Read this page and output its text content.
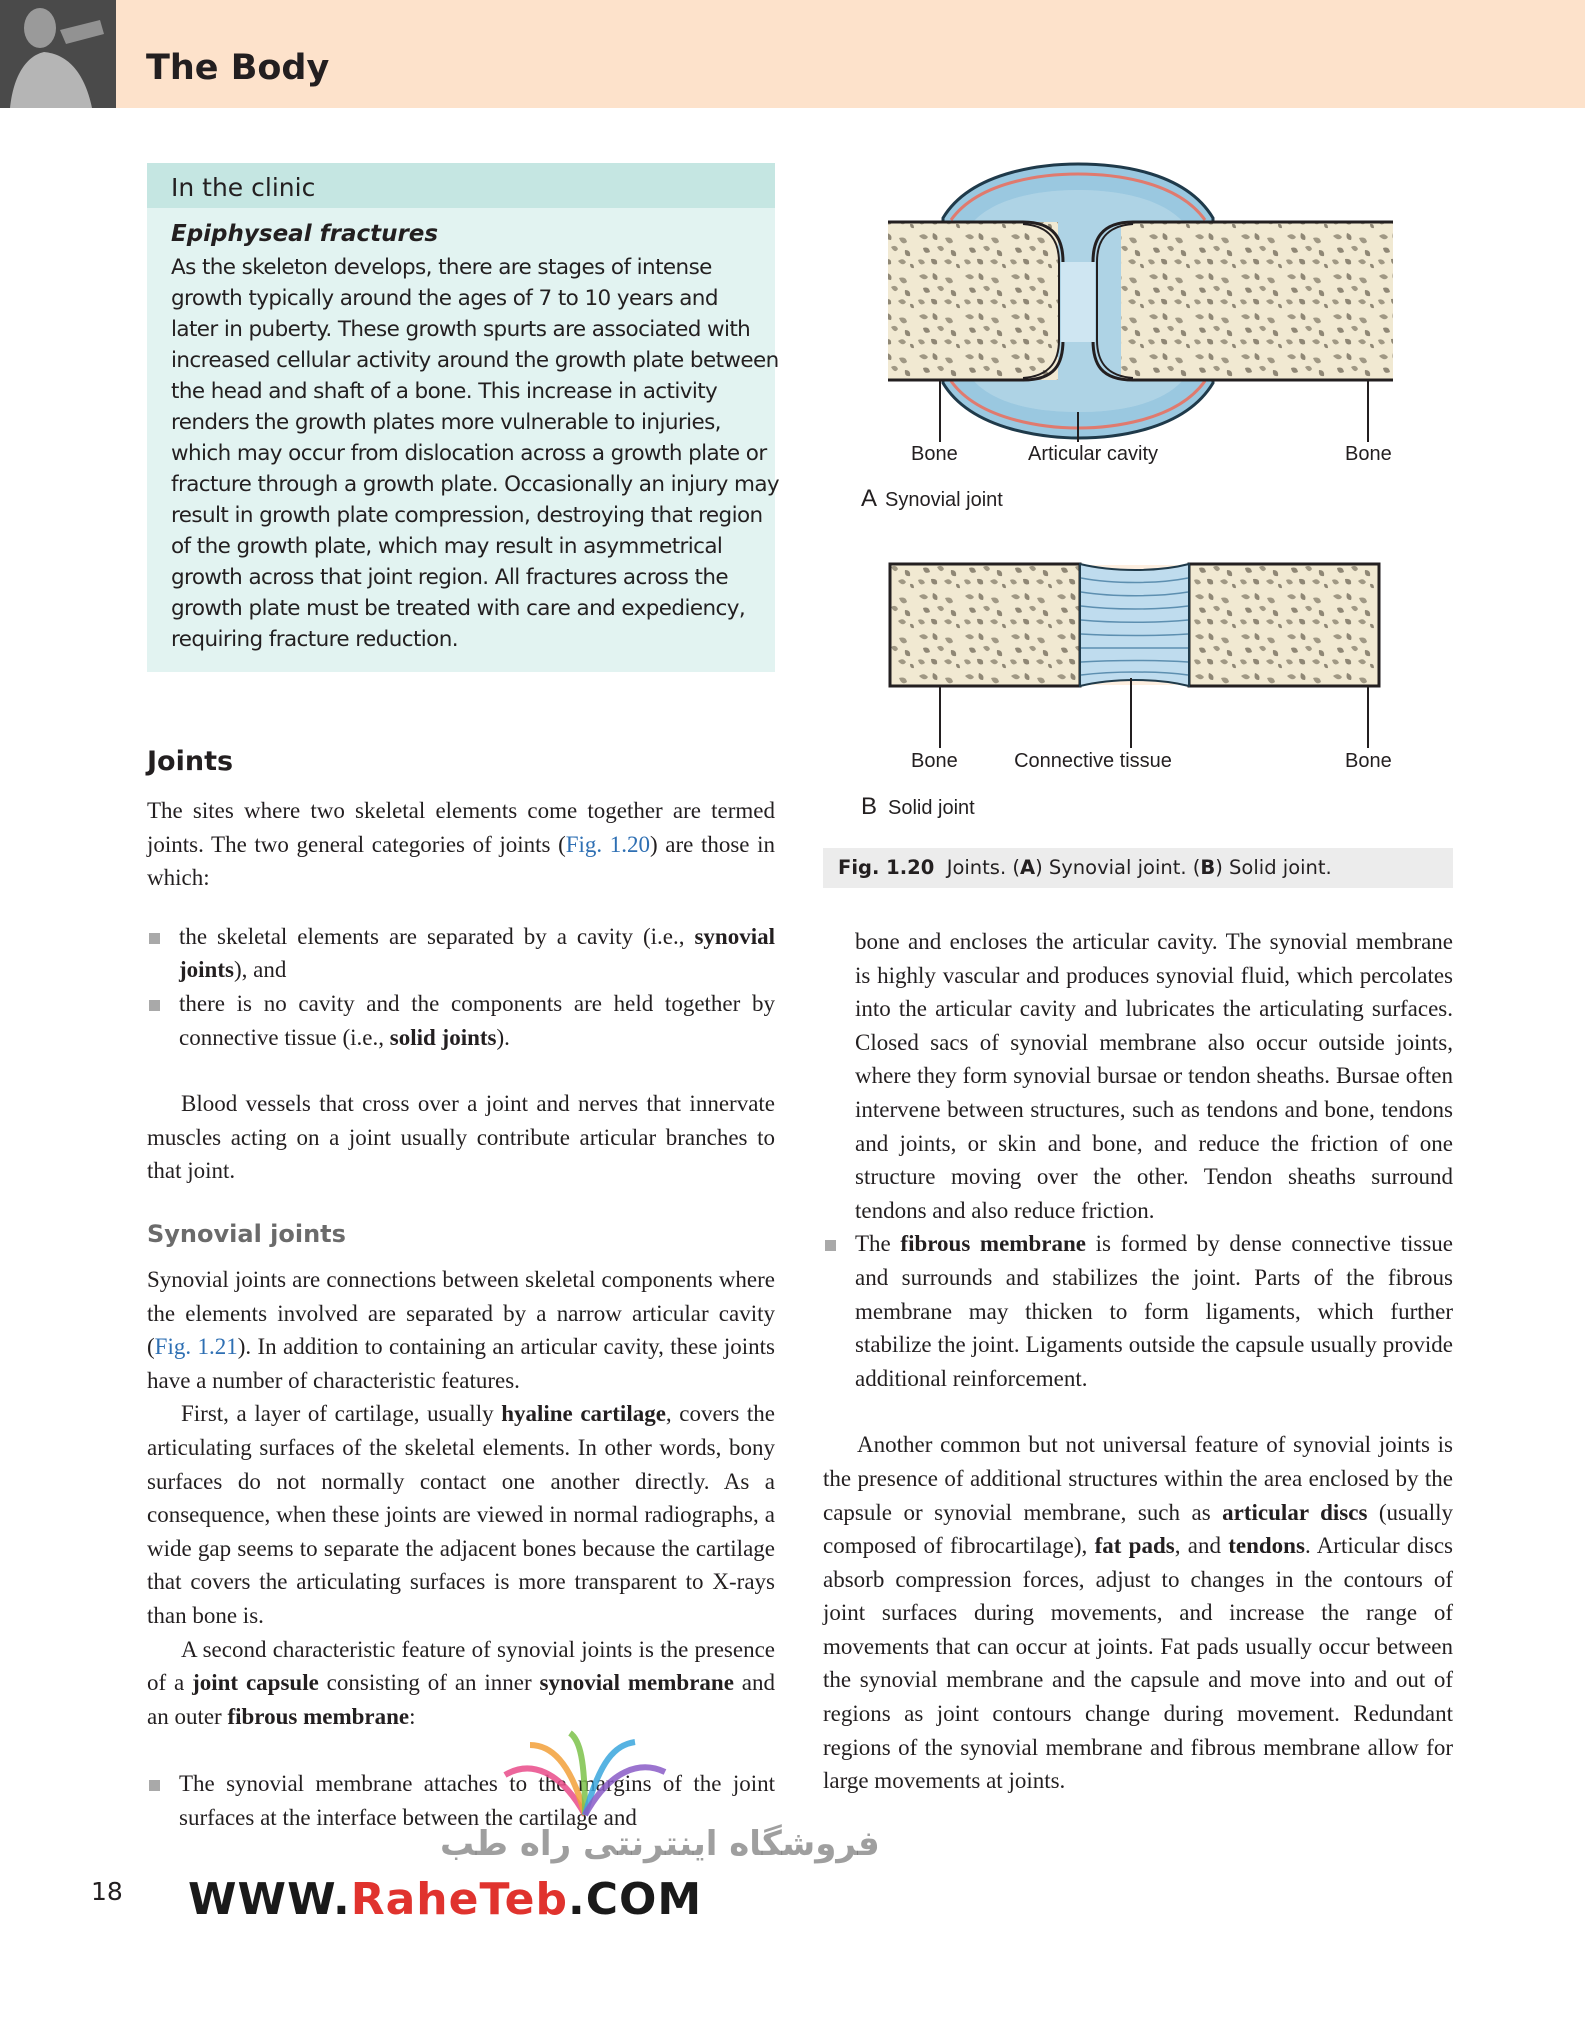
The Body
In the clinic
Epiphyseal fractures
As the skeleton develops, there are stages of intense
growth typically around the ages of 7 to 10 years and
later in puberty. These growth spurts are associated with
increased cellular activity around the growth plate between
the head and shaft of a bone. This increase in activity
renders the growth plates more vulnerable to injuries,
which may occur from dislocation across a growth plate or
fracture through a growth plate. Occasionally an injury may
result in growth plate compression, destroying that region
of the growth plate, which may result in asymmetrical
growth across that joint region. All fractures across the
growth plate must be treated with care and expediency,
requiring fracture reduction.
Bone	Articular cavity	Bone
A Synovial joint
Bone	Connective tissue	Bone
B Solid joint
Fig. 1.20 Joints. (A) Synovial joint. (B) Solid joint.
Joints

The sites where two skeletal elements come together are termed joints. The two general categories of joints (Fig. 1.20) are those in which:

the skeletal elements are separated by a cavity (i.e., synovial joints), and

there is no cavity and the components are held together by connective tissue (i.e., solid joints).

Blood vessels that cross over a joint and nerves that innervate muscles acting on a joint usually contribute articular branches to that joint.

Synovial joints

Synovial joints are connections between skeletal components where the elements involved are separated by a narrow articular cavity (Fig. 1.21). In addition to containing an articular cavity, these joints have a number of characteristic features.

First, a layer of cartilage, usually hyaline cartilage, covers the articulating surfaces of the skeletal elements. In other words, bony surfaces do not normally contact one another directly. As a consequence, when these joints are viewed in normal radiographs, a wide gap seems to separate the adjacent bones because the cartilage that covers the articulating surfaces is more transparent to X-rays than bone is.

A second characteristic feature of synovial joints is the presence of a joint capsule consisting of an inner synovial membrane and an outer fibrous membrane:

The synovial membrane attaches to the margins of the joint surfaces at the interface between the cartilage and

bone and encloses the articular cavity. The synovial membrane is highly vascular and produces synovial fluid, which percolates into the articular cavity and lubricates the articulating surfaces. Closed sacs of synovial membrane also occur outside joints, where they form synovial bursae or tendon sheaths. Bursae often intervene between structures, such as tendons and bone, tendons and joints, or skin and bone, and reduce the friction of one structure moving over the other. Tendon sheaths surround tendons and also reduce friction.

The fibrous membrane is formed by dense connective tissue and surrounds and stabilizes the joint. Parts of the fibrous membrane may thicken to form ligaments, which further stabilize the joint. Ligaments outside the capsule usually provide additional reinforcement.

Another common but not universal feature of synovial joints is the presence of additional structures within the area enclosed by the capsule or synovial membrane, such as articular discs (usually composed of fibrocartilage), fat pads, and tendons. Articular discs absorb compression forces, adjust to changes in the contours of joint surfaces during movements, and increase the range of movements that can occur at joints. Fat pads usually occur between the synovial membrane and the capsule and move into and out of regions as joint contours change during movement. Redundant regions of the synovial membrane and fibrous membrane allow for large movements at joints.

18
فروشگاه اینترنتی راه طب
WWW.RaheTeb.COM
